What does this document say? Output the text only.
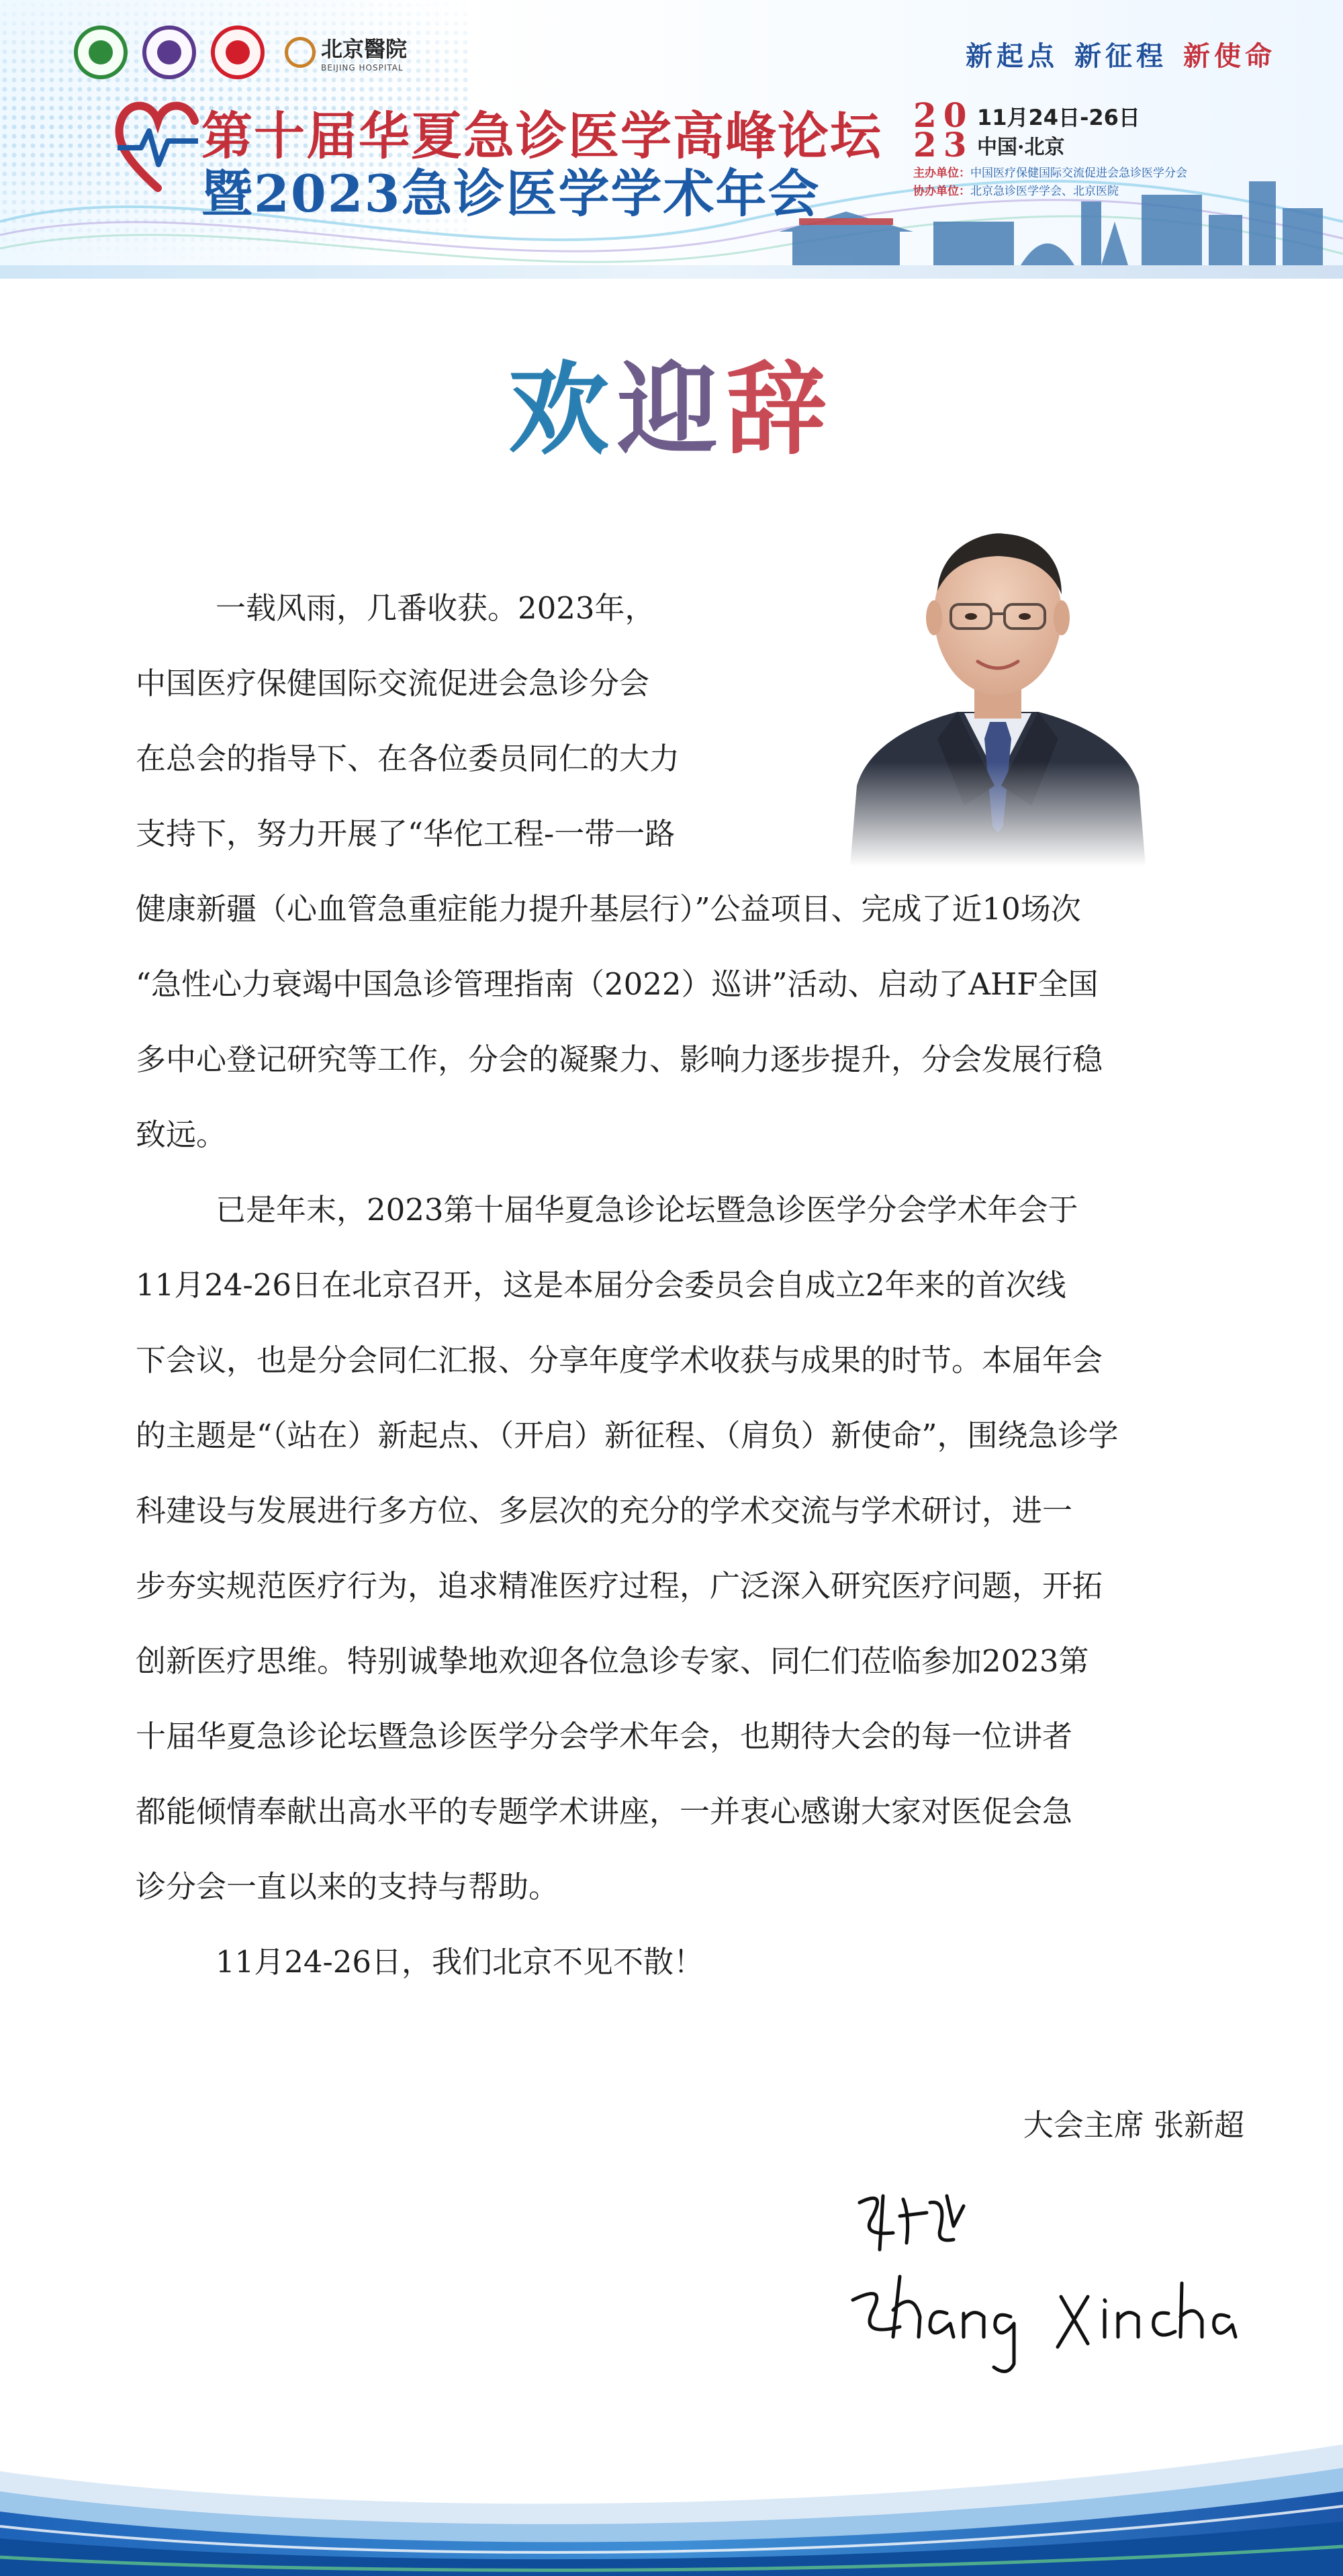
北京醫院
BEIJING HOSPITAL	新起点 新征程 新使命
第十届华夏急诊医学高峰论坛
暨2023急诊医学学术年会
20
23
11月24日-26日
中国·北京
主办单位：中国医疗保健国际交流促进会急诊医学分会
协办单位：北京急诊医学学会、北京医院
欢迎辞
一载风雨，几番收获。2023年，
中国医疗保健国际交流促进会急诊分会
在总会的指导下、在各位委员同仁的大力
支持下，努力开展了“华佗工程-一带一路
健康新疆（心血管急重症能力提升基层行）”公益项目、完成了近10场次
“急性心力衰竭中国急诊管理指南（2022）巡讲”活动、启动了AHF全国
多中心登记研究等工作，分会的凝聚力、影响力逐步提升，分会发展行稳
致远。
已是年末，2023第十届华夏急诊论坛暨急诊医学分会学术年会于
11月24-26日在北京召开，这是本届分会委员会自成立2年来的首次线
下会议，也是分会同仁汇报、分享年度学术收获与成果的时节。本届年会
的主题是“（站在）新起点、（开启）新征程、（肩负）新使命”，围绕急诊学
科建设与发展进行多方位、多层次的充分的学术交流与学术研讨，进一
步夯实规范医疗行为，追求精准医疗过程，广泛深入研究医疗问题，开拓
创新医疗思维。特别诚挚地欢迎各位急诊专家、同仁们莅临参加2023第
十届华夏急诊论坛暨急诊医学分会学术年会，也期待大会的每一位讲者
都能倾情奉献出高水平的专题学术讲座，一并衷心感谢大家对医促会急
诊分会一直以来的支持与帮助。
11月24-26日，我们北京不见不散！
大会主席 张新超
